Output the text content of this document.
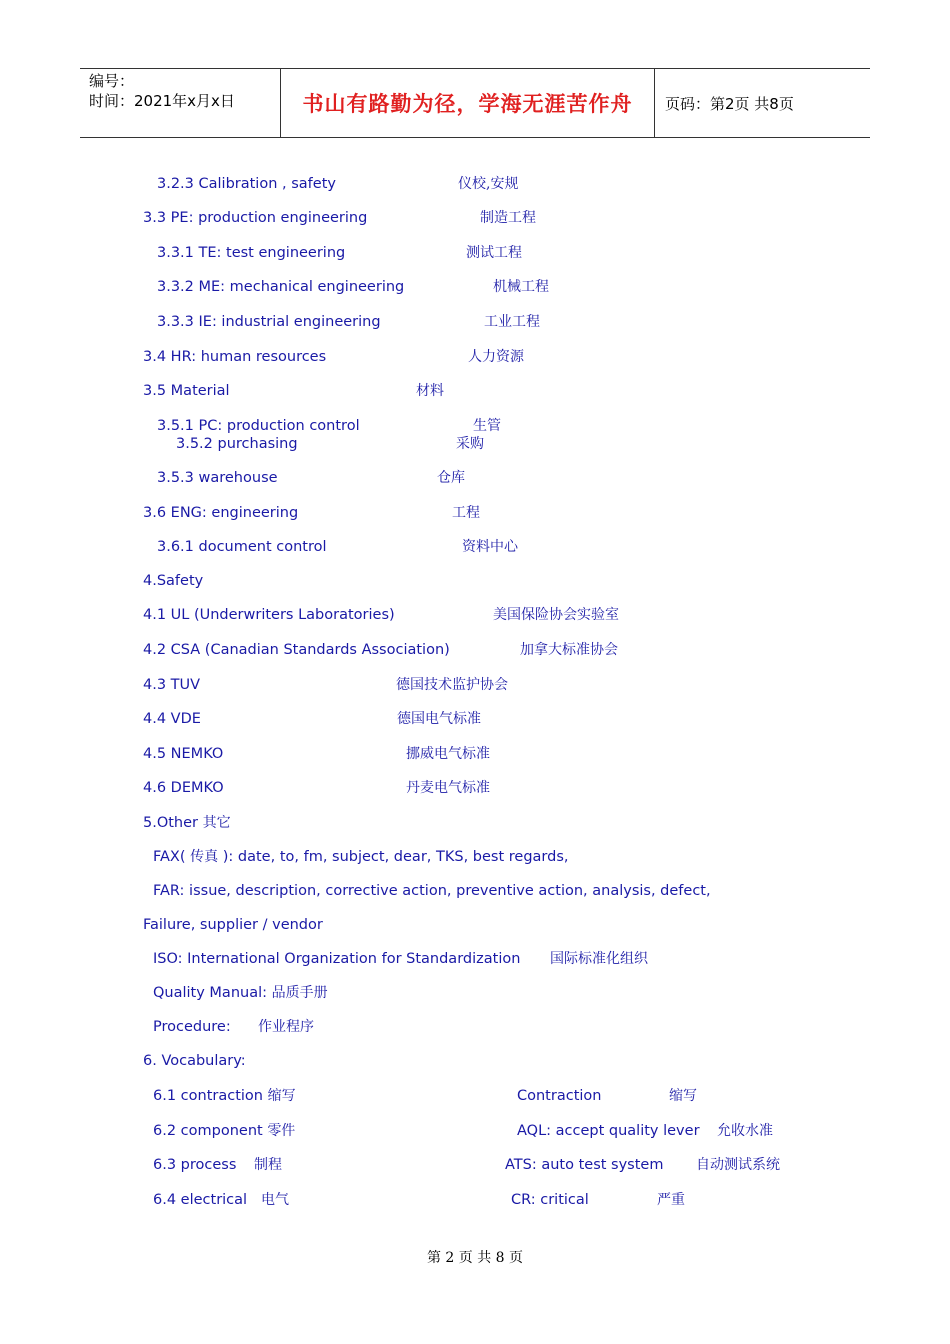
编号：
时间：2021年x月x日	书山有路勤为径，学海无涯苦作舟	页码：第2页 共8页
3.2.3 Calibration , safety	仪校,安规
3.3 PE: production engineering	制造工程
3.3.1 TE: test engineering	测试工程
3.3.2 ME: mechanical engineering	机械工程
3.3.3 IE: industrial engineering	工业工程
3.4 HR: human resources	人力资源
3.5 Material	材料
3.5.1 PC: production control	生管
3.5.2 purchasing	采购
3.5.3 warehouse	仓库
3.6 ENG: engineering	工程
3.6.1 document control	资料中心
4.Safety
4.1 UL (Underwriters Laboratories)	美国保险协会实验室
4.2 CSA (Canadian Standards Association)	加拿大标准协会
4.3 TUV	德国技术监护协会
4.4 VDE	德国电气标准
4.5 NEMKO	挪威电气标准
4.6 DEMKO	丹麦电气标准
5.Other 其它
FAX( 传真 ): date, to, fm, subject, dear, TKS, best regards,
FAR: issue, description, corrective action, preventive action, analysis, defect,
Failure, supplier / vendor
ISO: International Organization for Standardization 国际标准化组织
Quality Manual: 品质手册
Procedure: 作业程序
6. Vocabulary:
6.1 contraction 缩写	Contraction	缩写
6.2 component 零件	AQL: accept quality lever 允收水准
6.3 process 制程	ATS: auto test system 自动测试系统
6.4 electrical 电气	CR: critical	严重
第 2 页 共 8 页
